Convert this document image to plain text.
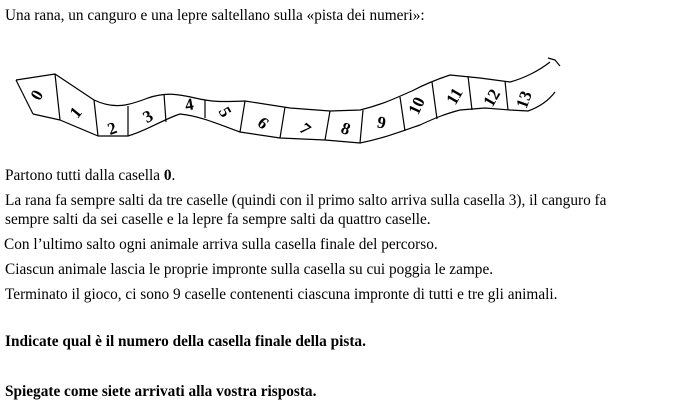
Una rana, un canguro e una lepre saltellano sulla «pista dei numeri»:

0
1
2
3
4 5
6 7 8 9
10 11 12 13

Partono tutti dalla casella 0.

La rana fa sempre salti da tre caselle (quindi con il primo salto arriva sulla casella 3), il canguro fa

sempre salti da sei caselle e la lepre fa sempre salti da quattro caselle.

Con l’ultimo salto ogni animale arriva sulla casella finale del percorso.

Ciascun animale lascia le proprie impronte sulla casella su cui poggia le zampe.

Terminato il gioco, ci sono 9 caselle contenenti ciascuna impronte di tutti e tre gli animali.

Indicate qual è il numero della casella finale della pista.

Spiegate come siete arrivati alla vostra risposta.
